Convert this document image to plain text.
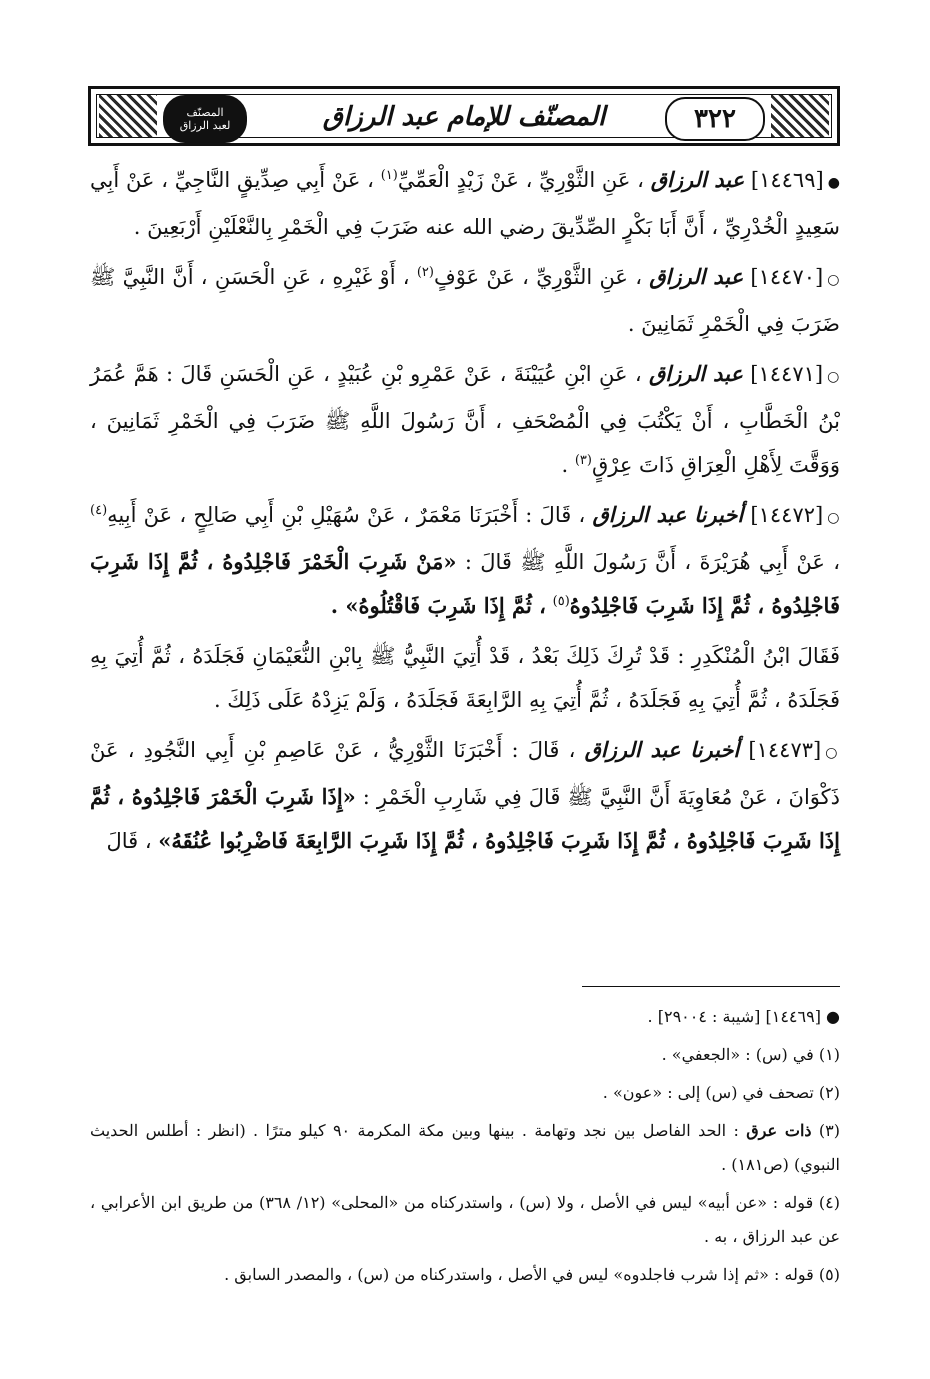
٣٢٢
المصنّف للإمام عبد الرزاق
المصنّف
لعبد الرزاق

●[١٤٤٦٩] عبد الرزاق ، عَنِ الثَّوْرِيِّ ، عَنْ زَيْدٍ الْعَمِّيِّ$^{(١)}$ ، عَنْ أَبِي صِدِّيقٍ النَّاجِيِّ ، عَنْ أَبِي سَعِيدٍ الْخُدْرِيِّ ، أَنَّ أَبَا بَكْرٍ الصِّدِّيقَ رضي الله عنه ضَرَبَ فِي الْخَمْرِ بِالنَّعْلَيْنِ أَرْبَعِينَ .

○[١٤٤٧٠] عبد الرزاق ، عَنِ الثَّوْرِيِّ ، عَنْ عَوْفٍ$^{(٢)}$ ، أَوْ غَيْرِهِ ، عَنِ الْحَسَنِ ، أَنَّ النَّبِيَّ ﷺ ضَرَبَ فِي الْخَمْرِ ثَمَانِينَ .

○[١٤٤٧١] عبد الرزاق ، عَنِ ابْنِ عُيَيْنَةَ ، عَنْ عَمْرِو بْنِ عُبَيْدٍ ، عَنِ الْحَسَنِ قَالَ : هَمَّ عُمَرُ بْنُ الْخَطَّابِ ، أَنْ يَكْتُبَ فِي الْمُصْحَفِ ، أَنَّ رَسُولَ اللَّهِ ﷺ ضَرَبَ فِي الْخَمْرِ ثَمَانِينَ ، وَوَقَّتَ لِأَهْلِ الْعِرَاقِ ذَاتَ عِرْقٍ$^{(٣)}$ .

○[١٤٤٧٢] أخبرنا عبد الرزاق ، قَالَ : أَخْبَرَنَا مَعْمَرٌ ، عَنْ سُهَيْلِ بْنِ أَبِي صَالِحٍ ، عَنْ أَبِيهِ$^{(٤)}$ ، عَنْ أَبِي هُرَيْرَةَ ، أَنَّ رَسُولَ اللَّهِ ﷺ قَالَ : «مَنْ شَرِبَ الْخَمْرَ فَاجْلِدُوهُ ، ثُمَّ إِذَا شَرِبَ فَاجْلِدُوهُ ، ثُمَّ إِذَا شَرِبَ فَاجْلِدُوهُ$^{(٥)}$ ، ثُمَّ إِذَا شَرِبَ فَاقْتُلُوهُ» .

فَقَالَ ابْنُ الْمُنْكَدِرِ : قَدْ تُرِكَ ذَلِكَ بَعْدُ ، قَدْ أُتِيَ النَّبِيُّ ﷺ بِابْنِ النُّعَيْمَانِ فَجَلَدَهُ ، ثُمَّ أُتِيَ بِهِ فَجَلَدَهُ ، ثُمَّ أُتِيَ بِهِ فَجَلَدَهُ ، ثُمَّ أُتِيَ بِهِ الرَّابِعَةَ فَجَلَدَهُ ، وَلَمْ يَزِدْهُ عَلَى ذَلِكَ .

○[١٤٤٧٣] أخبرنا عبد الرزاق ، قَالَ : أَخْبَرَنَا الثَّوْرِيُّ ، عَنْ عَاصِمِ بْنِ أَبِي النَّجُودِ ، عَنْ ذَكْوَانَ ، عَنْ مُعَاوِيَةَ أَنَّ النَّبِيَّ ﷺ قَالَ فِي شَارِبِ الْخَمْرِ : «إِذَا شَرِبَ الْخَمْرَ فَاجْلِدُوهُ ، ثُمَّ إِذَا شَرِبَ فَاجْلِدُوهُ ، ثُمَّ إِذَا شَرِبَ فَاجْلِدُوهُ ، ثُمَّ إِذَا شَرِبَ الرَّابِعَةَ فَاضْرِبُوا عُنُقَهُ» ، قَالَ

● [١٤٤٦٩] [شيبة : ٢٩٠٠٤] .

(١) في (س) : «الجعفي» .

(٢) تصحف في (س) إلى : «عون» .

(٣) ذات عرق : الحد الفاصل بين نجد وتهامة . بينها وبين مكة المكرمة ٩٠ كيلو مترًا . (انظر : أطلس الحديث النبوي) (ص١٨١) .

(٤) قوله : «عن أبيه» ليس في الأصل ، ولا (س) ، واستدركناه من «المحلى» (١٢/ ٣٦٨) من طريق ابن الأعرابي ، عن عبد الرزاق ، به .

(٥) قوله : «ثم إذا شرب فاجلدوه» ليس في الأصل ، واستدركناه من (س) ، والمصدر السابق .
